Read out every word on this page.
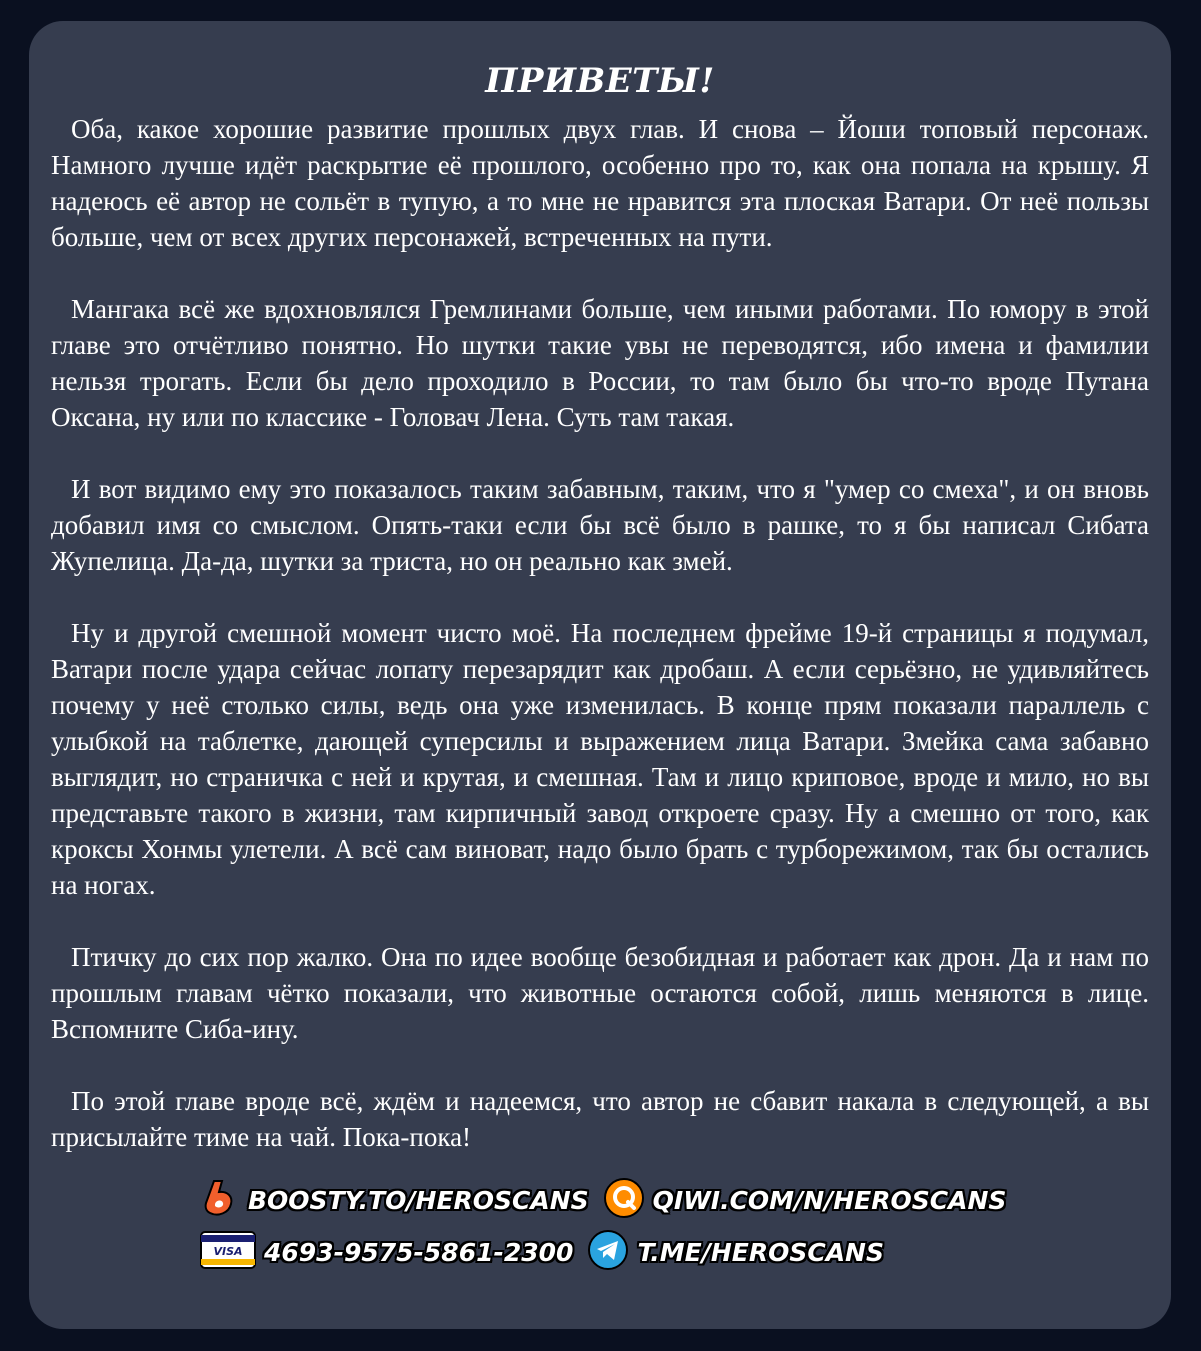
ПРИВЕТЫ!

Оба, какое хорошие развитие прошлых двух глав. И снова – Йоши топовый персонаж. Намного лучше идёт раскрытие её прошлого, особенно про то, как она попала на крышу. Я надеюсь её автор не сольёт в тупую, а то мне не нравится эта плоская Ватари. От неё пользы больше, чем от всех других персонажей, встреченных на пути.

Мангака всё же вдохновлялся Гремлинами больше, чем иными работами. По юмору в этой главе это отчётливо понятно. Но шутки такие увы не переводятся, ибо имена и фамилии нельзя трогать. Если бы дело проходило в России, то там было бы что-то вроде Путана Оксана, ну или по классике - Головач Лена. Суть там такая.

И вот видимо ему это показалось таким забавным, таким, что я "умер со смеха", и он вновь добавил имя со смыслом. Опять-таки если бы всё было в рашке, то я бы написал Сибата Жупелица. Да-да, шутки за триста, но он реально как змей.

Ну и другой смешной момент чисто моё. На последнем фрейме 19-й страницы я подумал, Ватари после удара сейчас лопату перезарядит как дробаш. А если серьёзно, не удивляйтесь почему у неё столько силы, ведь она уже изменилась. В конце прям показали параллель с улыбкой на таблетке, дающей суперсилы и выражением лица Ватари. Змейка сама забавно выглядит, но страничка с ней и крутая, и смешная. Там и лицо криповое, вроде и мило, но вы представьте такого в жизни, там кирпичный завод откроете сразу. Ну а смешно от того, как кроксы Хонмы улетели. А всё сам виноват, надо было брать с турборежимом, так бы остались на ногах.

Птичку до сих пор жалко. Она по идее вообще безобидная и работает как дрон. Да и нам по прошлым главам чётко показали, что животные остаются собой, лишь меняются в лице. Вспомните Сиба-ину.

По этой главе вроде всё, ждём и надеемся, что автор не сбавит накала в следующей, а вы присылайте тиме на чай. Пока-пока!

BOOSTY.TO/HEROSCANS	QIWI.COM/N/HEROSCANS
VISA 4693-9575-5861-2300	T.ME/HEROSCANS
